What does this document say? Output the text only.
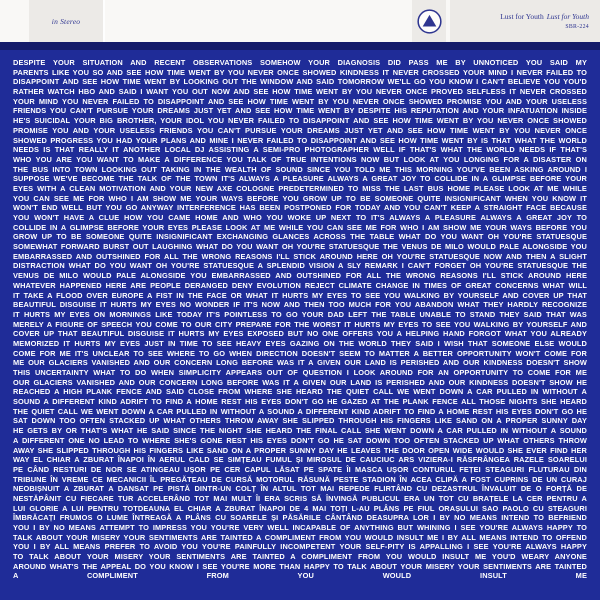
in Stereo	Lust for Youth Lust for Youth
SBR-224
DESPITE YOUR SITUATION AND RECENT OBSERVATIONS SOMEHOW YOUR DIAGNOSIS DID PASS ME BY UNNOTICED YOU SAID MY
PARENTS LIKE YOU SO AND SEE HOW TIME WENT BY YOU NEVER ONCE SHOWED KINDNESS IT NEVER CROSSED YOUR MIND I NEVER FAILED TO
DISAPPOINT AND SEE HOW TIME WENT BY LOOKING OUT THE WINDOW AND SAID TOMORROW WE'LL GO YOU KNOW I CAN'T BELIEVE YOU YOU'D
RATHER WATCH HBO AND SAID I WANT YOU OUT NOW AND SEE HOW TIME WENT BY YOU NEVER ONCE PROVED SELFLESS IT NEVER CROSSED
YOUR MIND YOU NEVER FAILED TO DISAPPOINT AND SEE HOW TIME WENT BY YOU NEVER ONCE SHOWED PROMISE YOU AND YOUR USELESS
FRIENDS YOU CAN'T PURSUE YOUR DREAMS JUST YET AND SEE HOW TIME WENT BY DESPITE HIS REPUTATION AND YOUR INFATUATION INSIDE
HE'S SUICIDAL YOUR BIG BROTHER, YOUR IDOL YOU NEVER FAILED TO DISAPPOINT AND SEE HOW TIME WENT BY YOU NEVER ONCE SHOWED
PROMISE YOU AND YOUR USELESS FRIENDS YOU CAN'T PURSUE YOUR DREAMS JUST YET AND SEE HOW TIME WENT BY YOU NEVER ONCE
SHOWED PROGRESS YOU HAD YOUR PLANS AND MINE I NEVER FAILED TO DISAPPOINT AND SEE HOW TIME WENT BY IS THAT WHAT THE WORLD
NEEDS IS THAT REALLY IT ANOTHER LOCAL DJ ASSISTING A SEMI-PRO PHOTOGRAPHER WELL IF THAT'S WHAT THE WORLD NEEDS IF THAT'S
WHO YOU ARE YOU WANT TO MAKE A DIFFERENCE YOU TALK OF TRUE INTENTIONS NOW BUT LOOK AT YOU LONGING FOR A DISASTER ON
THE BUS INTO TOWN LOOKING OUT TAKING IN THE WEALTH OF SOUND SINCE YOU TOLD ME THIS MORNING YOU'VE BEEN ASKING AROUND I
SUPPOSE WE'VE BECOME THE TALK OF THE TOWN IT'S ALWAYS A PLEASURE ALWAYS A GREAT JOY TO COLLIDE IN A GLIMPSE BEFORE YOUR
EYES WITH A CLEAN MOTIVATION AND YOUR NEW AXE COLOGNE PREDETERMINED TO MISS THE LAST BUS HOME PLEASE LOOK AT ME WHILE
YOU CAN SEE ME FOR WHO I AM SHOW ME YOUR WAYS BEFORE YOU GROW UP TO BE SOMEONE QUITE INSIGNIFICANT WHEN YOU KNOW IT
WON'T END WELL BUT YOU GO ANYWAY INTERFERENCE HAS BEEN POSTPONED FOR TODAY AND YOU CAN'T KEEP A STRAIGHT FACE BECAUSE
YOU WON'T HAVE A CLUE HOW YOU CAME HOME AND WHO YOU WOKE UP NEXT TO IT'S ALWAYS A PLEASURE ALWAYS A GREAT JOY TO
COLLIDE IN A GLIMPSE BEFORE YOUR EYES PLEASE LOOK AT ME WHILE YOU CAN SEE ME FOR WHO I AM SHOW ME YOUR WAYS BEFORE YOU
GROW UP TO BE SOMEONE QUITE INSIGNIFICANT EXCHANGING GLANCES ACROSS THE TABLE WHAT DO YOU WANT OH YOU'RE STATUESQUE
SOMEWHAT FORWARD BURST OUT LAUGHING WHAT DO YOU WANT OH YOU'RE STATUESQUE THE VENUS DE MILO WOULD PALE ALONGSIDE YOU
EMBARRASSED AND OUTSHINED FOR ALL THE WRONG REASONS I'LL STICK AROUND HERE OH YOU'RE STATUESQUE NOW AND THEN A SLIGHT
DISTRACTION WHAT DO YOU WANT OH YOU'RE STATUESQUE A SPLENDID VISION A SLY REMARK I CAN'T FORGET OH YOU'RE STATUESQUE THE
VENUS DE MILO WOULD PALE ALONGSIDE YOU EMBARRASSED AND OUTSHINED FOR ALL THE WRONG REASONS I'LL STICK AROUND HERE
WHATEVER HAPPENED HERE ARE PEOPLE DERANGED DENY EVOLUTION REJECT CLIMATE CHANGE IN TIMES OF GREAT CONCERNS WHAT WILL
IT TAKE A FLOOD OVER EUROPE A FIST IN THE FACE OR WHAT IT HURTS MY EYES TO SEE YOU WALKING BY YOURSELF AND COVER UP THAT
BEAUTIFUL DISGUISE IT HURTS MY EYES NO WONDER IF IT'S NOW AND THEN TOO MUCH FOR YOU ABANDON WHAT THEY HARDLY RECOGNIZE
IT HURTS MY EYES ON MORNINGS LIKE TODAY IT'S POINTLESS TO GO YOUR DAD LEFT THE TABLE UNABLE TO STAND THEY SAID THAT WAS
MERELY A FIGURE OF SPEECH YOU COME TO OUR CITY PREPARE FOR THE WORST IT HURTS MY EYES TO SEE YOU WALKING BY YOURSELF AND
COVER UP THAT BEAUTIFUL DISGUISE IT HURTS MY EYES EXPOSED BUT NO ONE OFFERS YOU A HELPING HAND FORGOT WHAT YOU ALREADY
MEMORIZED IT HURTS MY EYES JUST IN TIME TO SEE HEAVY EYES GAZING ON THE WORLD THEY SAID I WISH THAT SOMEONE ELSE WOULD
COME FOR ME IT'S UNCLEAR TO SEE WHERE TO GO WHEN DIRECTION DOESN'T SEEM TO MATTER A BETTER OPPORTUNITY WON'T COME FOR
ME OUR GLACIERS VANISHED AND OUR CONCERN LONG BEFORE WAS IT A GIVEN OUR LAND IS PERISHED AND OUR KINDNESS DOESN'T SHOW
THIS UNCERTAINTY WHAT TO DO WHEN SIMPLICITY APPEARS OUT OF QUESTION I LOOK AROUND FOR AN OPPORTUNITY TO COME FOR ME
OUR GLACIERS VANISHED AND OUR CONCERN LONG BEFORE WAS IT A GIVEN OUR LAND IS PERISHED AND OUR KINDNESS DOESN'T SHOW HE
REACHED A HIGH PLANK FENCE AND SAID CLOSE FROM WHERE SHE HEARD THE QUIET CALL WE WENT DOWN A CAR PULLED IN WITHOUT A
SOUND A DIFFERENT KIND ADRIFT TO FIND A HOME REST HIS EYES DON'T GO HE GAZED AT THE PLANK FENCE ALL THOSE NIGHTS SHE HEARD
THE QUIET CALL WE WENT DOWN A CAR PULLED IN WITHOUT A SOUND A DIFFERENT KIND ADRIFT TO FIND A HOME REST HIS EYES DON'T GO HE
SAT DOWN TOO OFTEN STACKED UP WHAT OTHERS THROW AWAY SHE SLIPPED THROUGH HIS FINGERS LIKE SAND ON A PROPER SUNNY DAY
HE GETS BY OR THAT'S WHAT HE SAID SINCE THE NIGHT SHE HEARD THE FINAL CALL SHE WENT DOWN A CAR PULLED IN WITHOUT A SOUND
A DIFFERENT ONE NO LEAD TO WHERE SHE'S GONE REST HIS EYES DON'T GO HE SAT DOWN TOO OFTEN STACKED UP WHAT OTHERS THROW
AWAY SHE SLIPPED THROUGH HIS FINGERS LIKE SAND ON A PROPER SUNNY DAY HE LEAVES THE DOOR OPEN WIDE WOULD SHE EVER FIND HER
WAY EL CHIAR A ZBURAT ÎNAPOI ÎN AERUL CALD SE SIMȚEAU FUMUL ȘI MIROSUL DE CAUCIUC ARS VIZIERA-I RĂSFRÂNGEA RAZELE SOARELUI
PE CÂND RESTURI DE NOR SE ATINGEAU UȘOR PE CER CAPUL LĂSAT PE SPATE ÎI MASCA UȘOR CONTURUL FEȚEI STEAGURI FLUTURAU DIN
TRIBUNE ÎN VREME CE MECANICII ÎL PREGĂTEAU DE CURSĂ MOTORUL RĂSUNĂ PESTE STADION ÎN ACEA CLIPĂ A FOST CUPRINS DE UN CURAJ
NEOBIȘNUIT A ZBURAT A DANSAT PE PISTĂ DINTR-UN COLȚ ÎN ALTUL TOT MAI REPEDE FLIRTÂND CU DEZASTRUL ÎNVALUIT DE O FORȚĂ DE
NESTĂPÂNIT CU FIECARE TUR ACCELERÂND TOT MAI MULT ÎI ERA SCRIS SĂ ÎNVINGĂ PUBLICUL ERA UN TOT CU BRAȚELE LA CER PENTRU A
LUI GLORIE A LUI PENTRU TOTDEAUNA EL CHIAR A ZBURAT ÎNAPOI DE 4 MAI TOȚI L-AU PLÂNS PE FIUL ORAȘULUI SAO PAOLO CU STEAGURI
ÎMBRĂCAȚI FRUMOS O LUME ÎNTREAGĂ A PLÂNS CU SOARELE ȘI PĂSĂRILE CÂNTÂND DEASUPRA LOR I BY NO MEANS INTEND TO BEFRIEND
YOU I BY NO MEANS ATTEMPT TO IMPRESS YOU YOU'RE VERY WELL INCAPABLE OF ANYTHING BUT WHINING I SEE YOU'RE ALWAYS HAPPY TO
TALK ABOUT YOUR MISERY YOUR SENTIMENTS ARE TAINTED A COMPLIMENT FROM YOU WOULD INSULT ME I BY ALL MEANS INTEND TO OFFEND
YOU I BY ALL MEANS PREFER TO AVOID YOU YOU'RE PAINFULLY INCOMPETENT YOUR SELF-PITY IS APPALLING I SEE YOU'RE ALWAYS HAPPY
TO TALK ABOUT YOUR MISERY YOUR SENTIMENTS ARE TAINTED A COMPLIMENT FROM YOU WOULD INSULT ME YOU'D WEARY ANYONE
AROUND WHAT'S THE APPEAL DO YOU KNOW I SEE YOU'RE MORE THAN HAPPY TO TALK ABOUT YOUR MISERY YOUR SENTIMENTS ARE TAINTED
A COMPLIMENT FROM YOU WOULD INSULT ME
